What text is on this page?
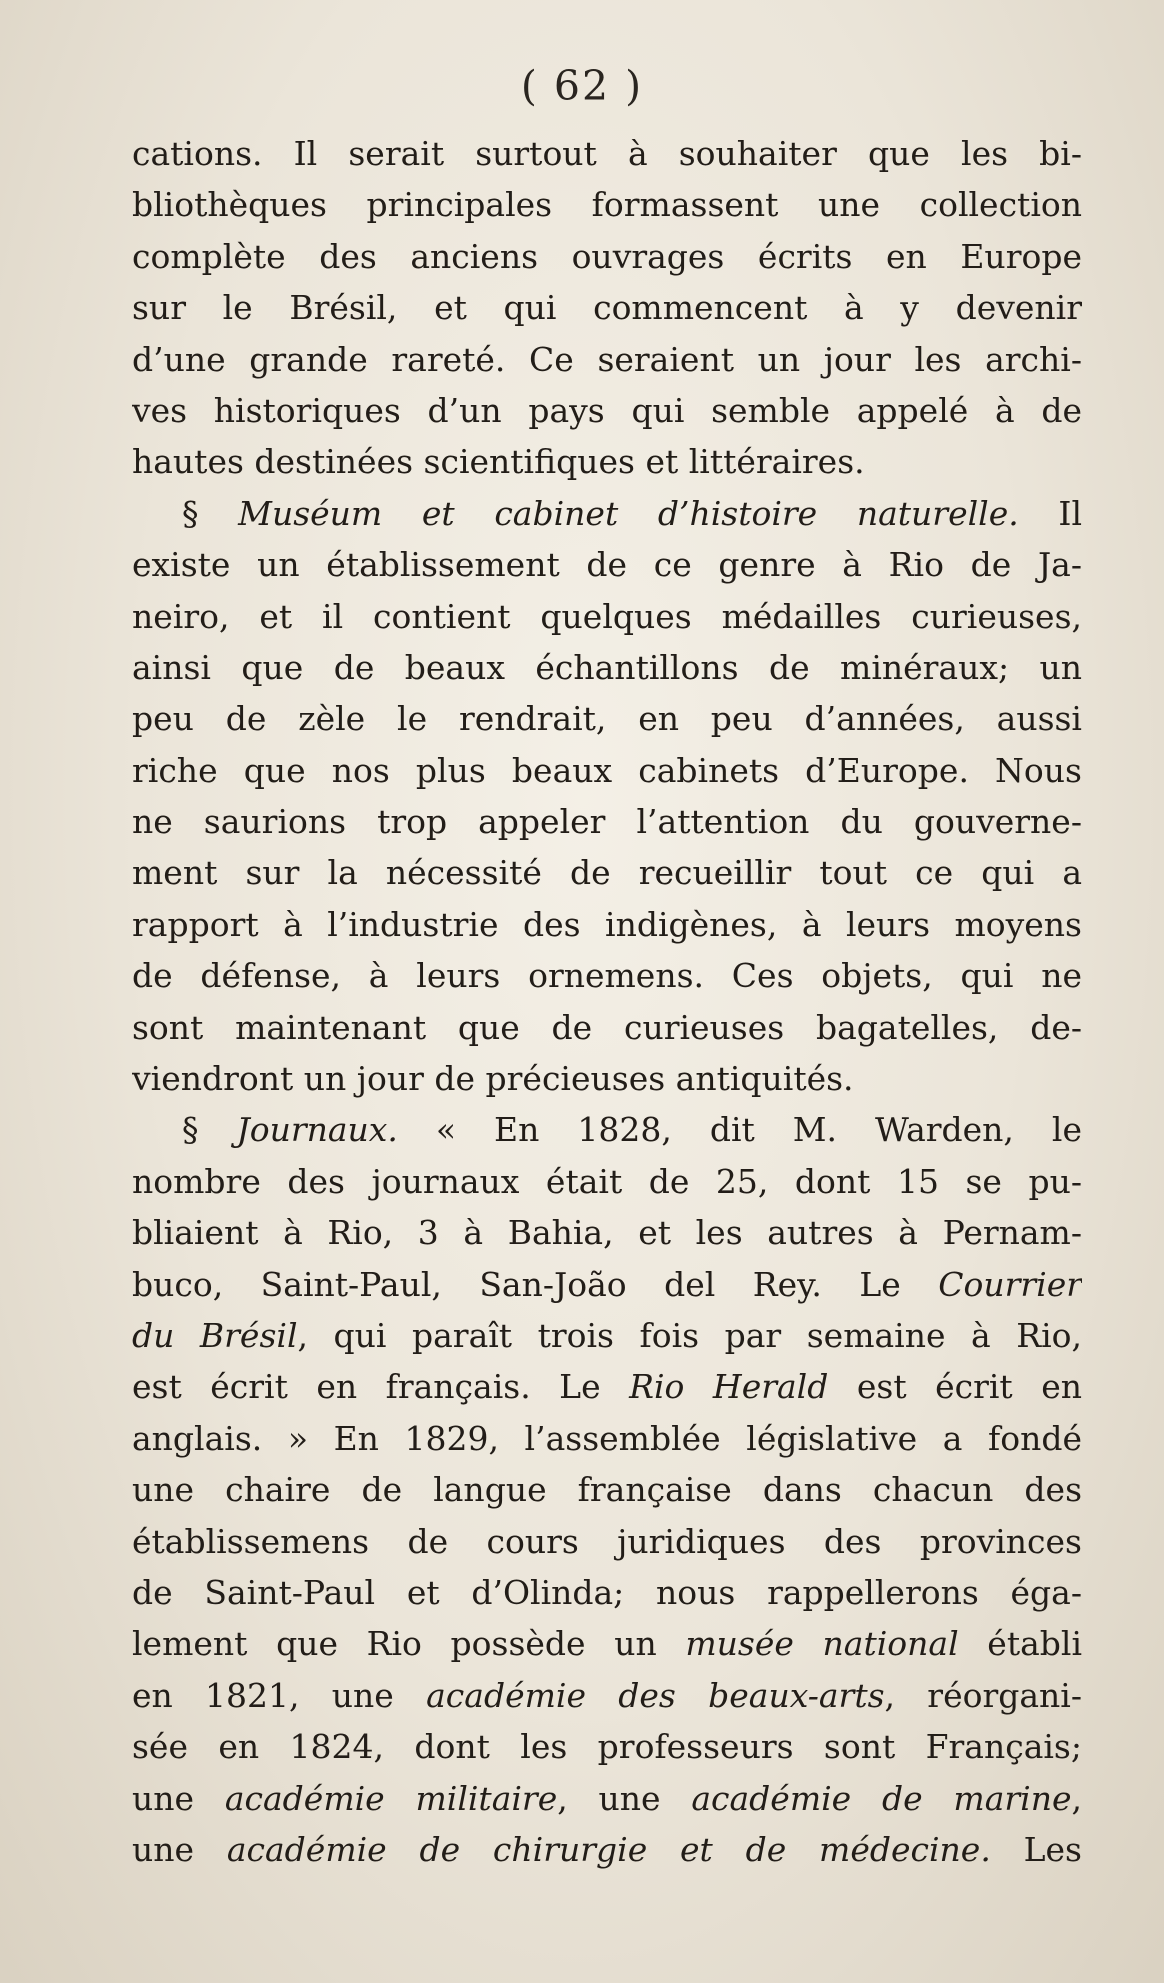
( 62 )
cations. Il serait surtout à souhaiter que les bi-
bliothèques principales formassent une collection
complète des anciens ouvrages écrits en Europe
sur le Brésil, et qui commencent à y devenir
d’une grande rareté. Ce seraient un jour les archi-
ves historiques d’un pays qui semble appelé à de
hautes destinées scientifiques et littéraires.
§ Muséum et cabinet d’histoire naturelle. Il
existe un établissement de ce genre à Rio de Ja-
neiro, et il contient quelques médailles curieuses,
ainsi que de beaux échantillons de minéraux; un
peu de zèle le rendrait, en peu d’années, aussi
riche que nos plus beaux cabinets d’Europe. Nous
ne saurions trop appeler l’attention du gouverne-
ment sur la nécessité de recueillir tout ce qui a
rapport à l’industrie des indigènes, à leurs moyens
de défense, à leurs ornemens. Ces objets, qui ne
sont maintenant que de curieuses bagatelles, de-
viendront un jour de précieuses antiquités.
§ Journaux. « En 1828, dit M. Warden, le
nombre des journaux était de 25, dont 15 se pu-
bliaient à Rio, 3 à Bahia, et les autres à Pernam-
buco, Saint-Paul, San-João del Rey. Le Courrier
du Brésil, qui paraît trois fois par semaine à Rio,
est écrit en français. Le Rio Herald est écrit en
anglais. » En 1829, l’assemblée législative a fondé
une chaire de langue française dans chacun des
établissemens de cours juridiques des provinces
de Saint-Paul et d’Olinda; nous rappellerons éga-
lement que Rio possède un musée national établi
en 1821, une académie des beaux-arts, réorgani-
sée en 1824, dont les professeurs sont Français;
une académie militaire, une académie de marine,
une académie de chirurgie et de médecine. Les
